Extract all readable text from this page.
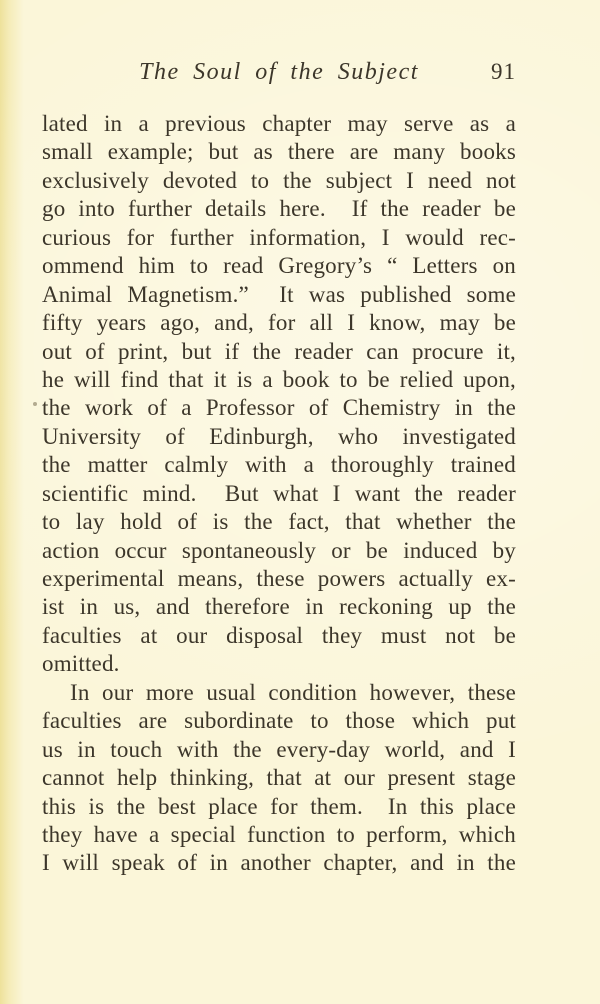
The Soul of the Subject	91
lated in a previous chapter may serve as a
small example; but as there are many books
exclusively devoted to the subject I need not
go into further details here.  If the reader be
curious for further information, I would rec-
ommend him to read Gregory’s “ Letters on
Animal Magnetism.”  It was published some
fifty years ago, and, for all I know, may be
out of print, but if the reader can procure it,
he will find that it is a book to be relied upon,
the work of a Professor of Chemistry in the
University of Edinburgh, who investigated
the matter calmly with a thoroughly trained
scientific mind.  But what I want the reader
to lay hold of is the fact, that whether the
action occur spontaneously or be induced by
experimental means, these powers actually ex-
ist in us, and therefore in reckoning up the
faculties at our disposal they must not be
omitted.
In our more usual condition however, these
faculties are subordinate to those which put
us in touch with the every-day world, and I
cannot help thinking, that at our present stage
this is the best place for them.  In this place
they have a special function to perform, which
I will speak of in another chapter, and in the
